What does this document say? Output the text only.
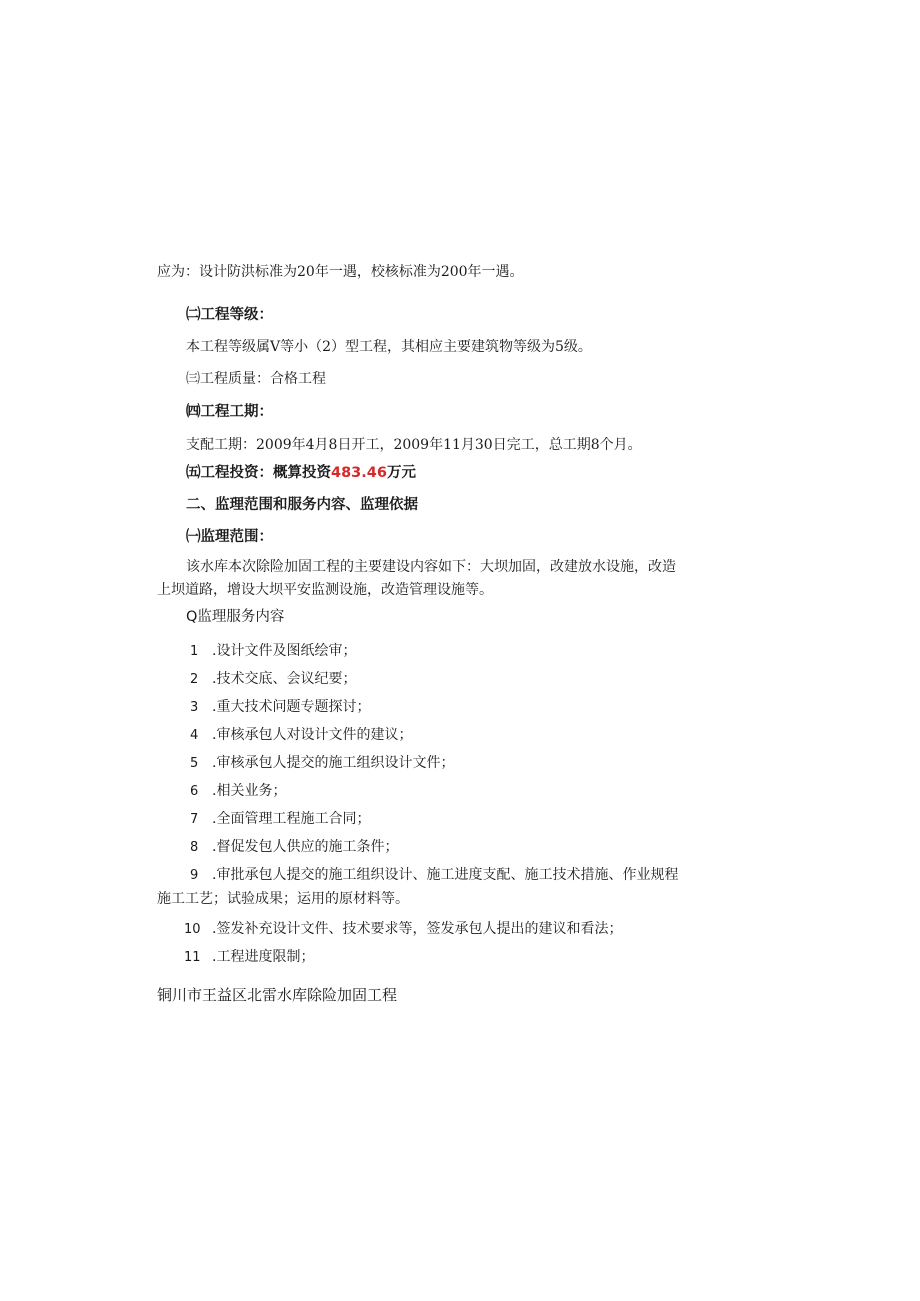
应为：设计防洪标准为20年一遇，校核标准为200年一遇。
㈡工程等级：
本工程等级属Ⅴ等小（2）型工程，其相应主要建筑物等级为5级。
㈢工程质量：合格工程
㈣工程工期：
支配工期：2009年4月8日开工，2009年11月30日完工，总工期8个月。
㈤工程投资：概算投资483.46万元
二、监理范围和服务内容、监理依据
㈠监理范围：
该水库本次除险加固工程的主要建设内容如下：大坝加固，改建放水设施，改造
上坝道路，增设大坝平安监测设施，改造管理设施等。
Q监理服务内容
1 .设计文件及图纸绘审；
2 .技术交底、会议纪要；
3 .重大技术问题专题探讨；
4 .审核承包人对设计文件的建议；
5 .审核承包人提交的施工组织设计文件；
6 .相关业务；
7 .全面管理工程施工合同；
8 .督促发包人供应的施工条件；
9 .审批承包人提交的施工组织设计、施工进度支配、施工技术措施、作业规程
施工工艺；试验成果；运用的原材料等。
10 .签发补充设计文件、技术要求等，签发承包人提出的建议和看法；
11 .工程进度限制；
铜川市王益区北雷水库除险加固工程
